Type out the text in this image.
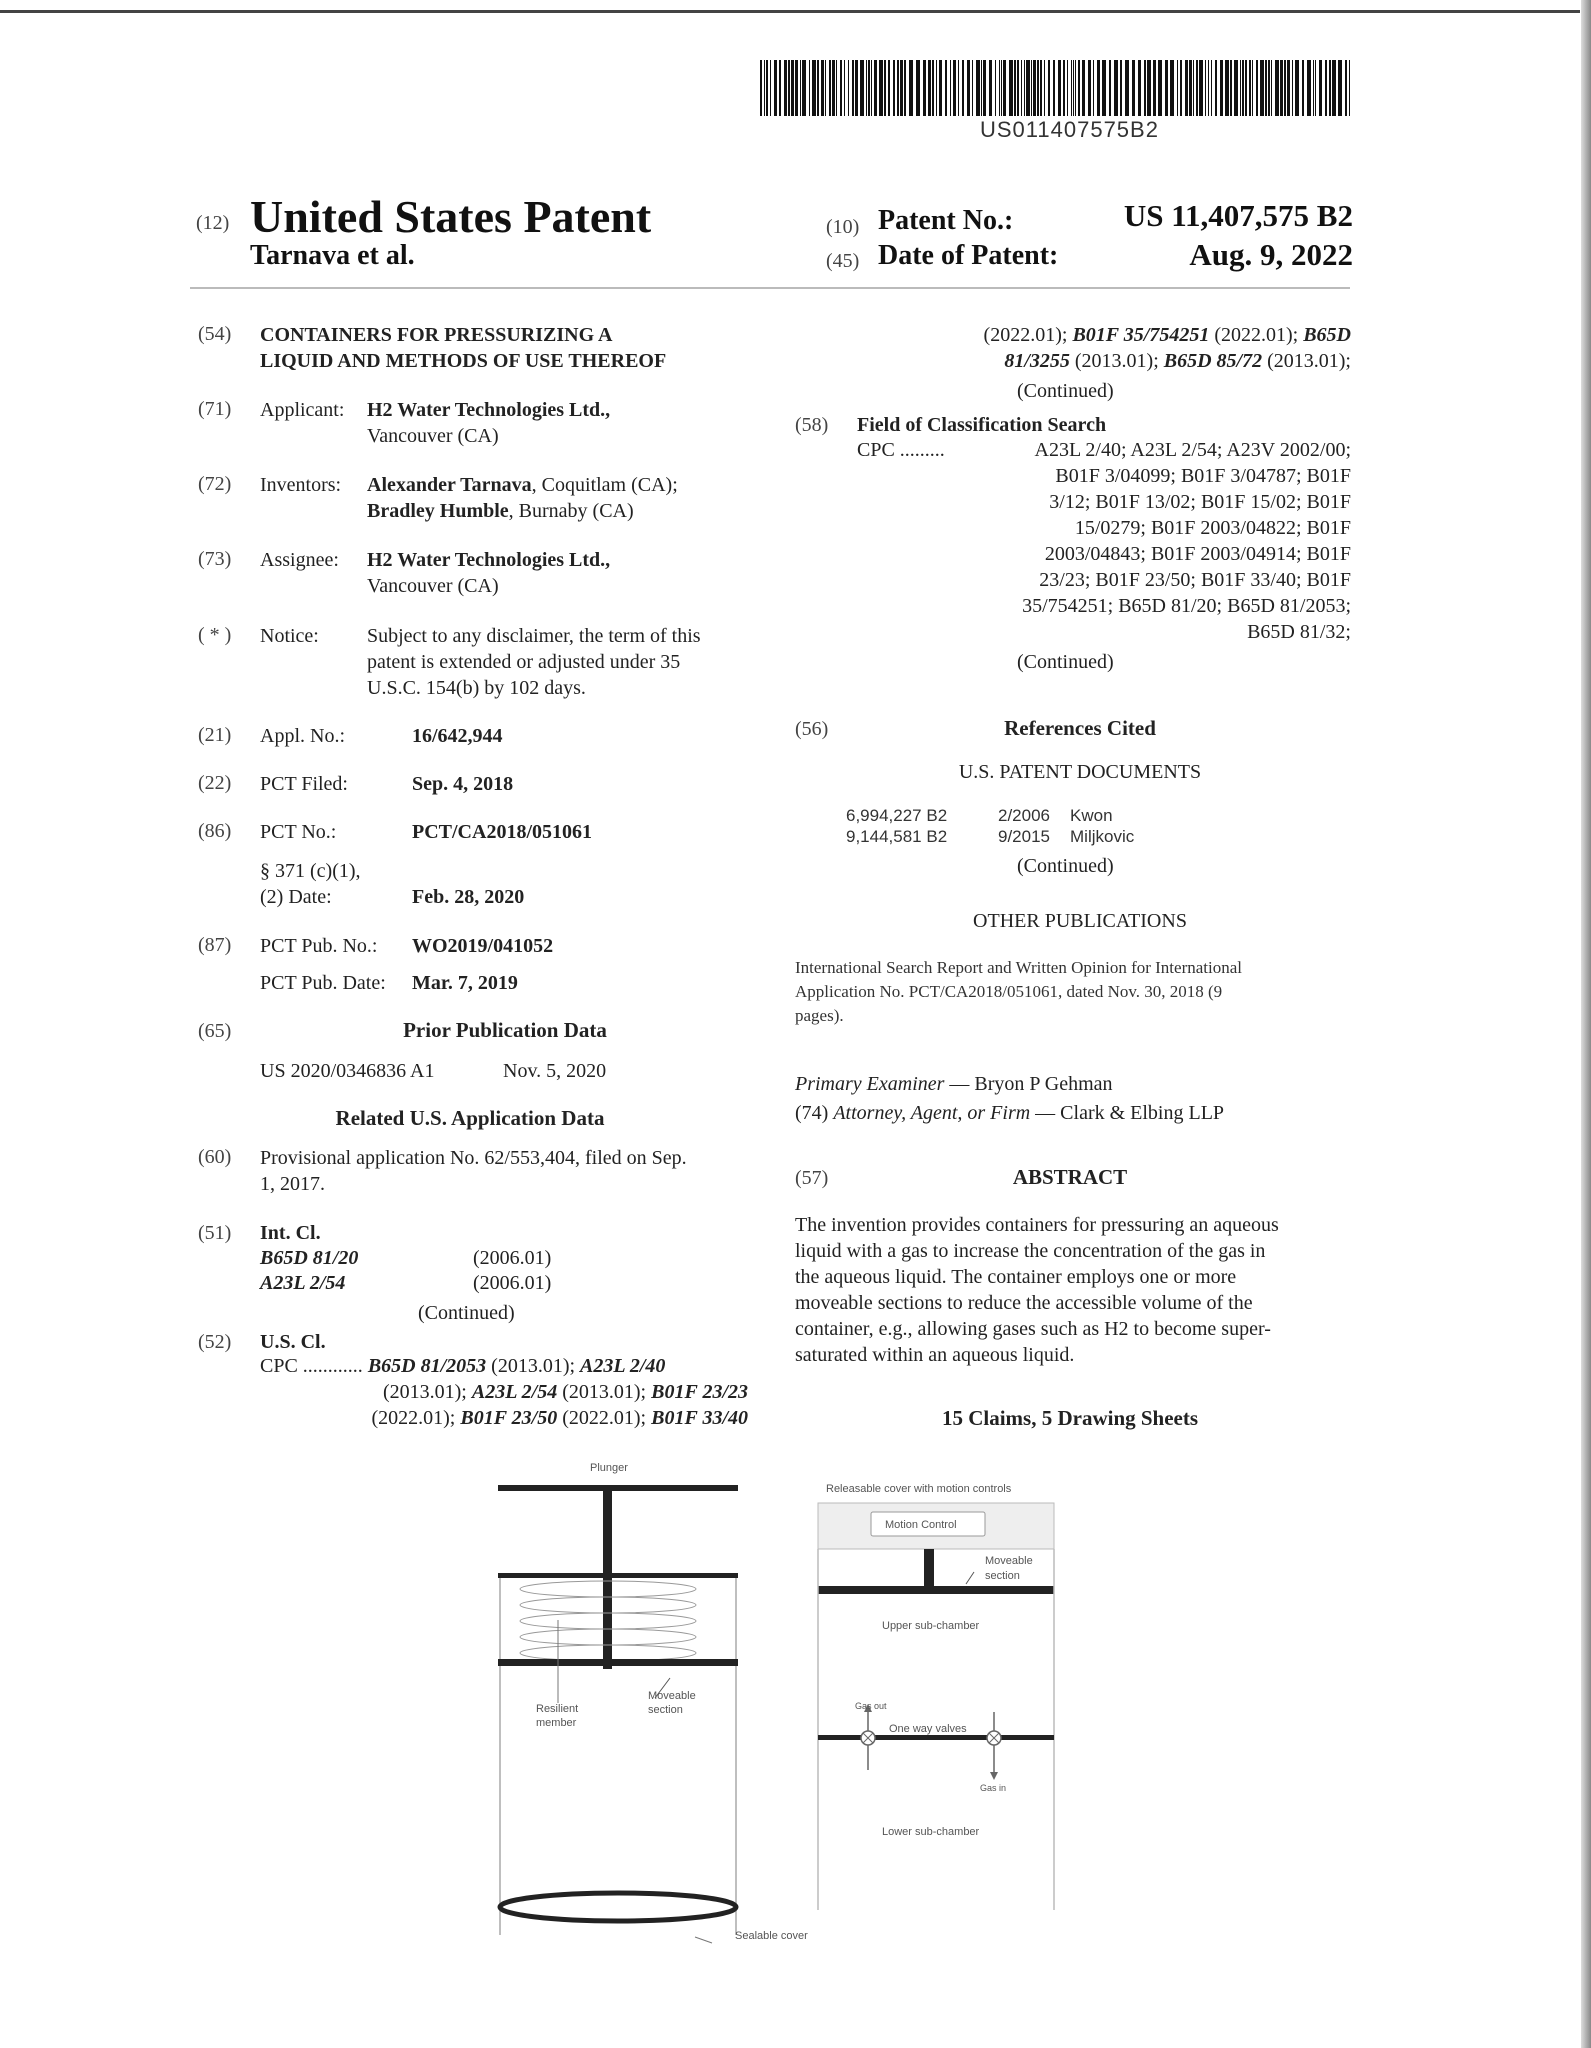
US011407575B2
(12) United States Patent
Tarnava et al.
(10) Patent No.:	US 11,407,575 B2
(45) Date of Patent:	Aug. 9, 2022
(54) CONTAINERS FOR PRESSURIZING A
LIQUID AND METHODS OF USE THEREOF
(71) Applicant: H2 Water Technologies Ltd.,
Vancouver (CA)
(72) Inventors: Alexander Tarnava, Coquitlam (CA);
Bradley Humble, Burnaby (CA)
(73) Assignee: H2 Water Technologies Ltd.,
Vancouver (CA)
( * ) Notice: Subject to any disclaimer, the term of this
patent is extended or adjusted under 35
U.S.C. 154(b) by 102 days.
(21) Appl. No.:	16/642,944
(22) PCT Filed:	Sep. 4, 2018
(86) PCT No.:	PCT/CA2018/051061
§ 371 (c)(1),
(2) Date:	Feb. 28, 2020
(87) PCT Pub. No.: WO2019/041052
PCT Pub. Date: Mar. 7, 2019
(65)	Prior Publication Data
US 2020/0346836 A1	Nov. 5, 2020
Related U.S. Application Data
(60) Provisional application No. 62/553,404, filed on Sep.
1, 2017.
(51) Int. Cl.
B65D 81/20	(2006.01)
A23L 2/54	(2006.01)
(Continued)
(52) U.S. Cl.
CPC ............ B65D 81/2053 (2013.01); A23L 2/40
(2013.01); A23L 2/54 (2013.01); B01F 23/23
(2022.01); B01F 23/50 (2022.01); B01F 33/40
(2022.01); B01F 35/754251 (2022.01); B65D
81/3255 (2013.01); B65D 85/72 (2013.01);
(Continued)
(58) Field of Classification Search
CPC .........	A23L 2/40; A23L 2/54; A23V 2002/00;
B01F 3/04099; B01F 3/04787; B01F
3/12; B01F 13/02; B01F 15/02; B01F
15/0279; B01F 2003/04822; B01F
2003/04843; B01F 2003/04914; B01F
23/23; B01F 23/50; B01F 33/40; B01F
35/754251; B65D 81/20; B65D 81/2053;
B65D 81/32;
(Continued)
(56)	References Cited
U.S. PATENT DOCUMENTS
6,994,227 B2	2/2006 Kwon
9,144,581 B2	9/2015 Miljkovic
(Continued)
OTHER PUBLICATIONS
International Search Report and Written Opinion for International
Application No. PCT/CA2018/051061, dated Nov. 30, 2018 (9
pages).
Primary Examiner — Bryon P Gehman
(74) Attorney, Agent, or Firm — Clark & Elbing LLP
(57)	ABSTRACT
The invention provides containers for pressuring an aqueous
liquid with a gas to increase the concentration of the gas in
the aqueous liquid. The container employs one or more
moveable sections to reduce the accessible volume of the
container, e.g., allowing gases such as H2 to become super-
saturated within an aqueous liquid.
15 Claims, 5 Drawing Sheets
Plunger
Resilient
member
Moveable
section
Sealable cover
Releasable cover with motion controls
Motion Control
Moveable
section
Upper sub-chamber
Gas out
One way valves
Gas in
Lower sub-chamber
